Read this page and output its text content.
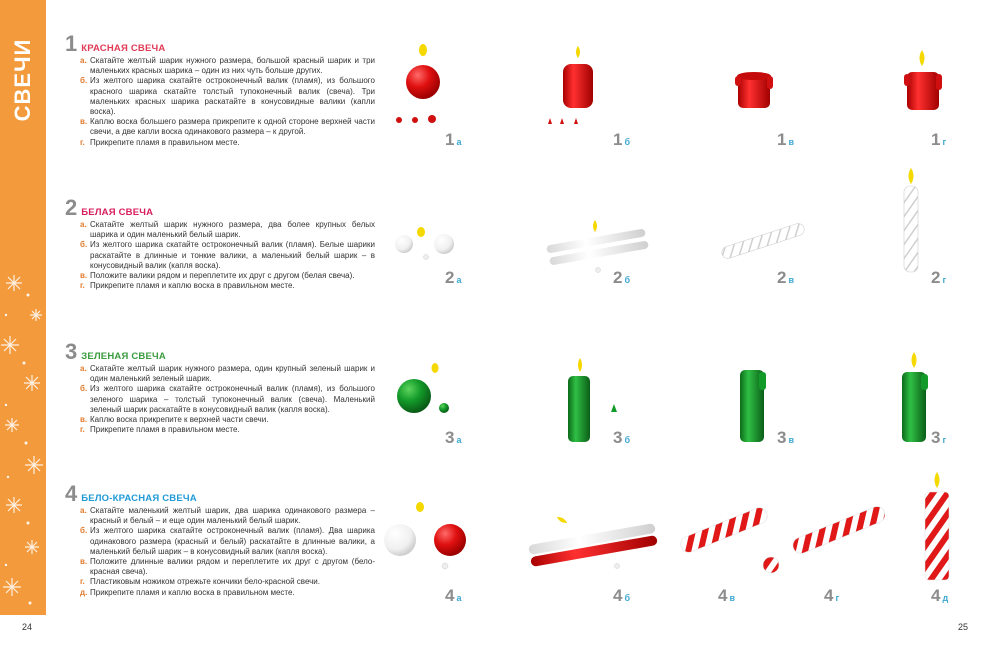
СВЕЧИ 1 КРАСНАЯ СВЕЧА
а. Скатайте желтый шарик нужного размера, большой красный шарик и три маленьких красных шарика – один из них чуть больше других.
б. Из желтого шарика скатайте остроконечный валик (пламя), из большого красного шарика скатайте толстый тупоконечный валик (свеча). Три маленьких красных шарика раскатайте в конусовидные валики (капли воска).
в. Каплю воска большего размера прикрепите к одной стороне верхней части свечи, а две капли воска одинакового размера – к другой.
г. Прикрепите пламя в правильном месте.
2 БЕЛАЯ СВЕЧА
а. Скатайте желтый шарик нужного размера, два более крупных белых шарика и один маленький белый шарик.
б. Из желтого шарика скатайте остроконечный валик (пламя). Белые шарики раскатайте в длинные и тонкие валики, а маленький белый шарик – в конусовидный валик (капля воска).
в. Положите валики рядом и переплетите их друг с другом (белая свеча).
г. Прикрепите пламя и каплю воска в правильном месте.
3 ЗЕЛЕНАЯ СВЕЧА
а. Скатайте желтый шарик нужного размера, один крупный зеленый шарик и один маленький зеленый шарик.
б. Из желтого шарика скатайте остроконечный валик (пламя), из большого зеленого шарика – толстый тупоконечный валик (свеча). Маленький зеленый шарик раскатайте в конусовидный валик (капля воска).
в. Каплю воска прикрепите к верхней части свечи.
г. Прикрепите пламя в правильном месте.
4 БЕЛО-КРАСНАЯ СВЕЧА
а. Скатайте маленький желтый шарик, два шарика одинакового размера – красный и белый – и еще один маленький белый шарик.
б. Из желтого шарика скатайте остроконечный валик (пламя). Два шарика одинакового размера (красный и белый) раскатайте в длинные валики, а маленький белый шарик – в конусовидный валик (капля воска).
в. Положите длинные валики рядом и переплетите их друг с другом (бело-красная свеча).
г. Пластиковым ножиком отрежьте кончики бело-красной свечи.
д. Прикрепите пламя и каплю воска в правильном месте.
1 а	1 б	1 в	1 г
2 а	2 б	2 в	2 г
3 а	3 б	3 в	3 г
4 а	4 б	4 в	4 г	4 д
24	25
